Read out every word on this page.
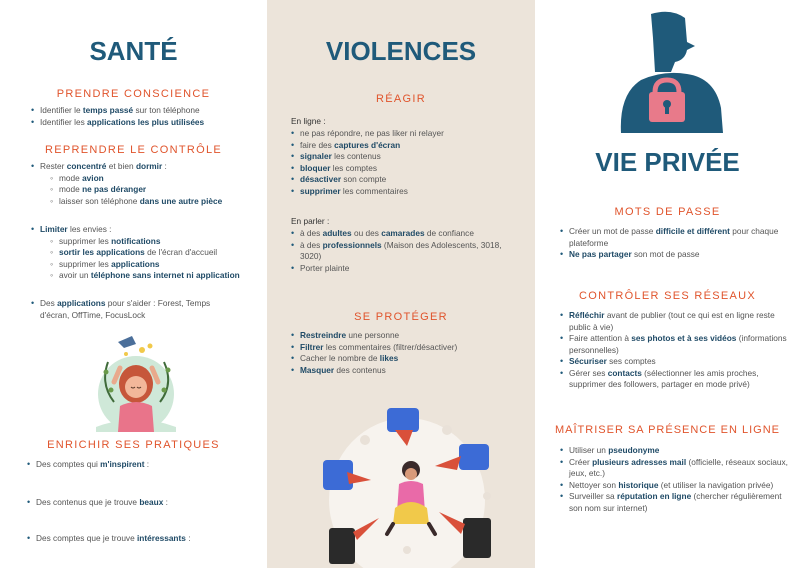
SANTÉ
PRENDRE CONSCIENCE
• Identifier le temps passé sur ton téléphone
• Identifier les applications les plus utilisées
REPRENDRE LE CONTRÔLE
• Rester concentré et bien dormir :
◦ mode avion
◦ mode ne pas déranger
◦ laisser son téléphone dans une autre pièce
• Limiter les envies :
◦ supprimer les notifications
◦ sortir les applications de l'écran d'accueil
◦ supprimer les applications
◦ avoir un téléphone sans internet ni application
• Des applications pour s'aider : Forest, Temps d'écran, OffTime, FocusLock
ENRICHIR SES PRATIQUES
• Des comptes qui m'inspirent :
• Des contenus que je trouve beaux :
• Des comptes que je trouve intéressants :
VIOLENCES
RÉAGIR
En ligne :
• ne pas répondre, ne pas liker ni relayer
• faire des captures d'écran
• signaler les contenus
• bloquer les comptes
• désactiver son compte
• supprimer les commentaires
En parler :
• à des adultes ou des camarades de confiance
• à des professionnels (Maison des Adolescents, 3018, 3020)
• Porter plainte
SE PROTÉGER
• Restreindre une personne
• Filtrer les commentaires (filtrer/désactiver)
• Cacher le nombre de likes
• Masquer des contenus
VIE PRIVÉE
MOTS DE PASSE
• Créer un mot de passe difficile et différent pour chaque plateforme
• Ne pas partager son mot de passe
CONTRÔLER SES RÉSEAUX
• Réfléchir avant de publier (tout ce qui est en ligne reste public à vie)
• Faire attention à ses photos et à ses vidéos (informations personnelles)
• Sécuriser ses comptes
• Gérer ses contacts (sélectionner les amis proches, supprimer des followers, partager en mode privé)
MAÎTRISER SA PRÉSENCE EN LIGNE
• Utiliser un pseudonyme
• Créer plusieurs adresses mail (officielle, réseaux sociaux, jeux, etc.)
• Nettoyer son historique (et utiliser la navigation privée)
• Surveiller sa réputation en ligne (chercher régulièrement son nom sur internet)
